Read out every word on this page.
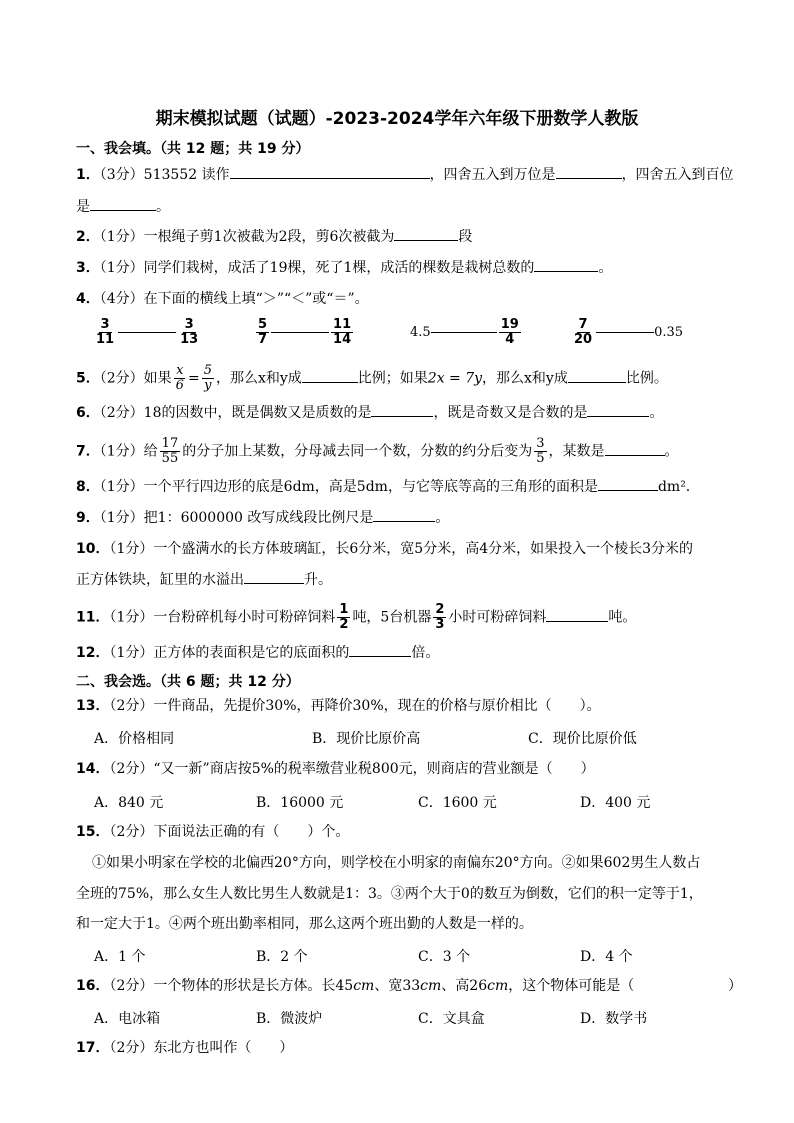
期末模拟试题（试题）-2023-2024学年六年级下册数学人教版
一、我会填。（共 12 题；共 19 分）
1．（3分）513552 读作	，四舍五入到万位是	，四舍五入到百位
是	。
2．（1分）一根绳子剪1次被截为2段，剪6次被截为	段
3．（1分）同学们栽树，成活了19棵，死了1棵，成活的棵数是栽树总数的	。
4．（4分）在下面的横线上填“＞”“＜”或“＝”。
$\frac{3}{11}$	$\frac{3}{13}$	$\frac{5}{7}$	$\frac{11}{14}$	4.5	$\frac{19}{4}$	$\frac{7}{20}$	0.35
5．（2分）如果 $\frac{x}{6} = \frac{5}{y}$ ，那么x和y成	比例；如果2x = 7y，那么x和y成	比例。
6．（2分）18的因数中，既是偶数又是质数的是	，既是奇数又是合数的是	。
7．（1分）给 $\frac{17}{55}$ 的分子加上某数，分母减去同一个数，分数的约分后变为 $\frac{3}{5}$ ，某数是	。
8．（1分）一个平行四边形的底是6dm，高是5dm，与它等底等高的三角形的面积是	dm².
9．（1分）把1：6000000 改写成线段比例尺是	。
10．（1分）一个盛满水的长方体玻璃缸，长6分米，宽5分米，高4分米，如果投入一个棱长3分米的
正方体铁块，缸里的水溢出	升。
11．（1分）一台粉碎机每小时可粉碎饲料 $\frac{1}{2}$ 吨，5台机器 $\frac{2}{3}$ 小时可粉碎饲料	吨。
12．（1分）正方体的表面积是它的底面积的	倍。
二、我会选。（共 6 题；共 12 分）
13．（2分）一件商品，先提价30%，再降价30%，现在的价格与原价相比（　　）。
A．价格相同	B．现价比原价高	C．现价比原价低
14．（2分）“又一新”商店按5%的税率缴营业税800元，则商店的营业额是（　　）
A．840 元	B．16000 元	C．1600 元	D．400 元
15．（2分）下面说法正确的有（　　）个。
①如果小明家在学校的北偏西20°方向，则学校在小明家的南偏东20°方向。②如果602男生人数占
全班的75%，那么女生人数比男生人数就是1：3。③两个大于0的数互为倒数，它们的积一定等于1，
和一定大于1。④两个班出勤率相同，那么这两个班出勤的人数是一样的。
A．1 个	B．2 个	C．3 个	D．4 个
16．（2分）一个物体的形状是长方体。长45cm、宽33cm、高26cm，这个物体可能是（	）
A．电冰箱	B．微波炉	C．文具盒	D．数学书
17．（2分）东北方也叫作（　　）
